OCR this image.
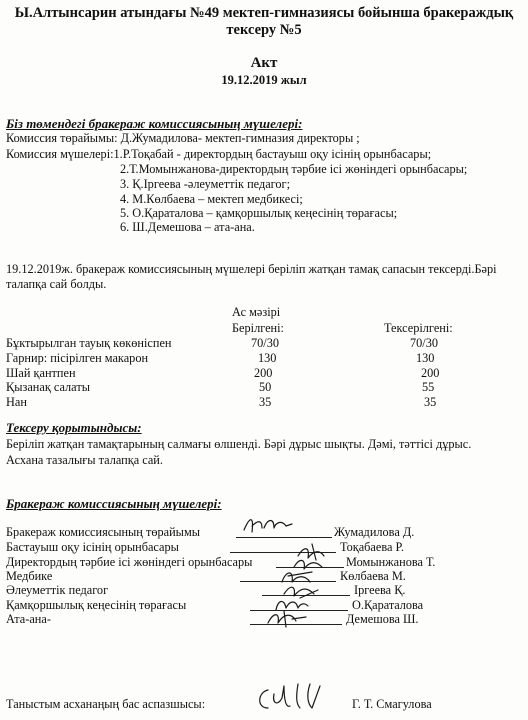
Ы.Алтынсарин атындағы №49 мектеп-гимназиясы бойынша бракераждық
тексеру №5
Акт
19.12.2019 жыл
Біз төмендегі бракераж комиссиясының мүшелері:
Комиссия төрайымы: Д.Жумадилова- мектеп-гимназия директоры ;
Комиссия мүшелері:1.Р.Тоқабай - директордың бастауыш оқу ісінің орынбасары;
2.Т.Момынжанова-директордың тәрбие ісі жөніндегі орынбасары;
3. Қ.Іргеева -әлеуметтік педагог;
4. М.Көлбаева – мектеп медбикесі;
5. О.Қаратaлова – қамқоршылық кеңесінің төрағасы;
6. Ш.Демешова – ата-ана.
19.12.2019ж. бракераж комиссиясының мүшелері берiлiп жатқан тамақ сапасын тексердi.Бәрi
талапқа сай болды.
Ас мәзірі
Берілгені:	Тексерілгені:
Бұктырылган тауық көкөніспен	70/30	70/30
Гарнир: пісірілген макарон	130	130
Шай қантпен	200	200
Қызанақ салаты	50	55
Нан	35	35
Тексеру қорытындысы:
Берілiп жатқан тамақтарының салмағы өлшендi. Бәрi дұрыс шықты. Дәмi, тәттiсi дұрыс.
Асхана тазалығы талапқа сай.
Бракераж комиссиясының мүшелері:
Бракераж комиссиясының төрайымы	Жумадилова Д.
Бастауыш оқу ісінің орынбасары	Тоқабаева Р.
Директордың тәрбие ісі жөніндегі орынбасары	Момынжанова Т.
Медбике	Көлбаева М.
Әлеуметтік педагог	Іргеева Қ.
Қамқоршылық кеңесінің төрағасы	О.Қаратaлова
Ата-ана-	Демешова Ш.
Таныстым асханаңың бас аспазшысы:	Г. Т. Смагулова
